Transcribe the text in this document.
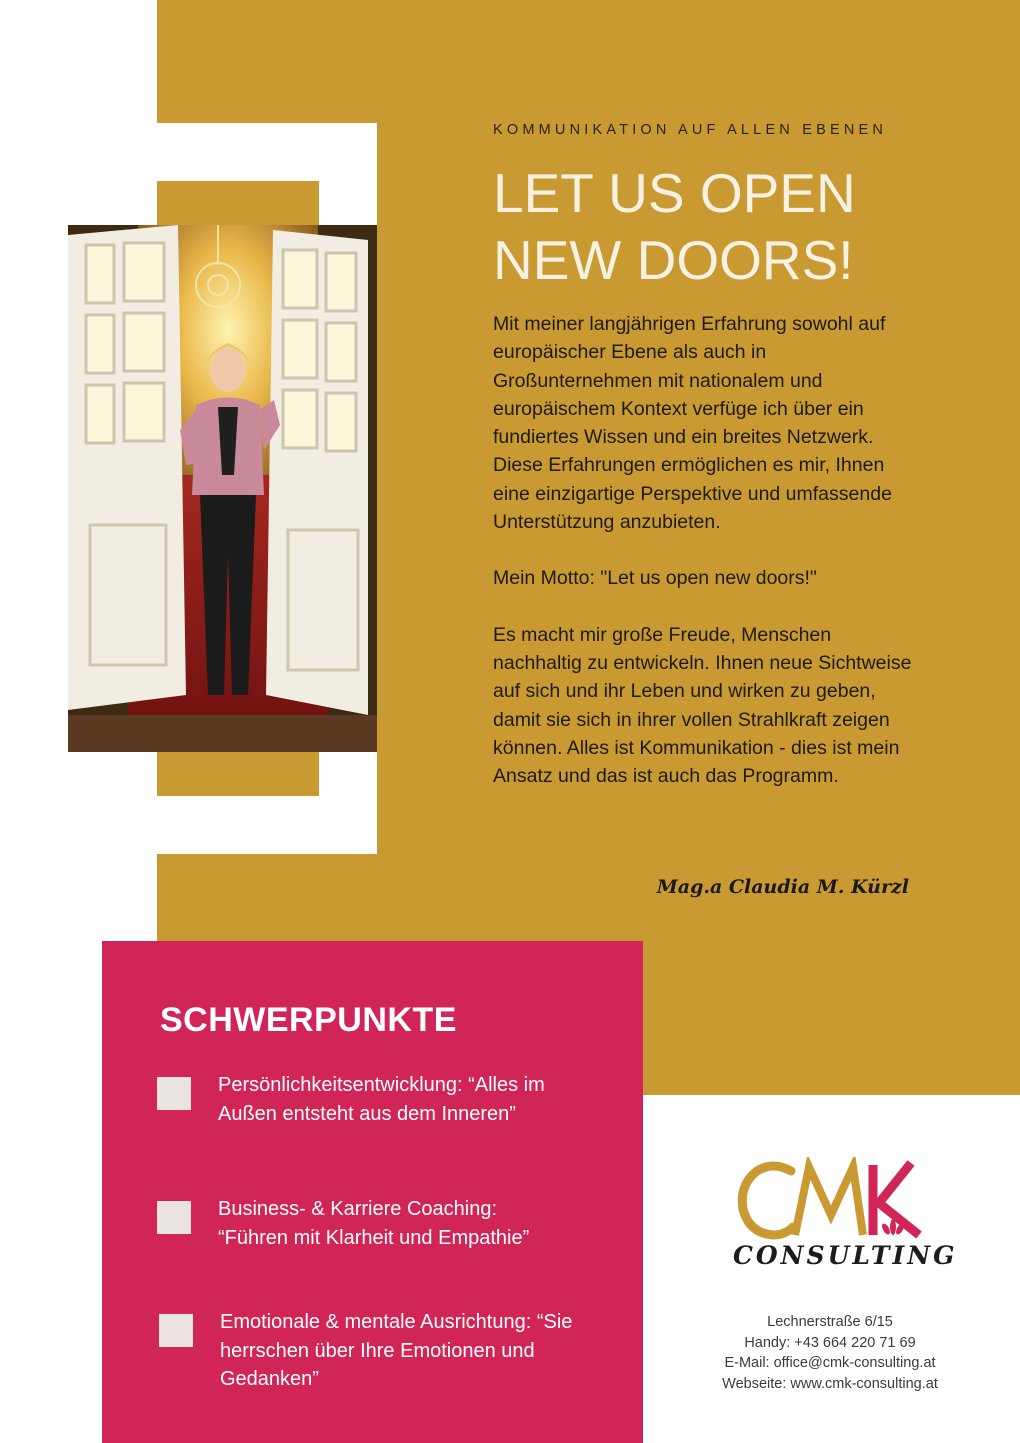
KOMMUNIKATION AUF ALLEN EBENEN
LET US OPEN
NEW DOORS!

Mit meiner langjährigen Erfahrung sowohl auf europäischer Ebene als auch in Großunternehmen mit nationalem und europäischem Kontext verfüge ich über ein fundiertes Wissen und ein breites Netzwerk. Diese Erfahrungen ermöglichen es mir, Ihnen eine einzigartige Perspektive und umfassende Unterstützung anzubieten.

Mein Motto: "Let us open new doors!"

Es macht mir große Freude, Menschen nachhaltig zu entwickeln. Ihnen neue Sichtweise auf sich und ihr Leben und wirken zu geben, damit sie sich in ihrer vollen Strahlkraft zeigen können. Alles ist Kommunikation - dies ist mein Ansatz und das ist auch das Programm.

Mag.a Claudia M. Kürzl
SCHWERPUNKTE
Persönlichkeitsentwicklung: “Alles im Außen entsteht aus dem Inneren”
Business- & Karriere Coaching: “Führen mit Klarheit und Empathie”
Emotionale & mentale Ausrichtung: “Sie herrschen über Ihre Emotionen und Gedanken”
CONSULTING
Lechnerstraße 6/15
Handy: +43 664 220 71 69
E-Mail: office@cmk-consulting.at
Webseite: www.cmk-consulting.at
